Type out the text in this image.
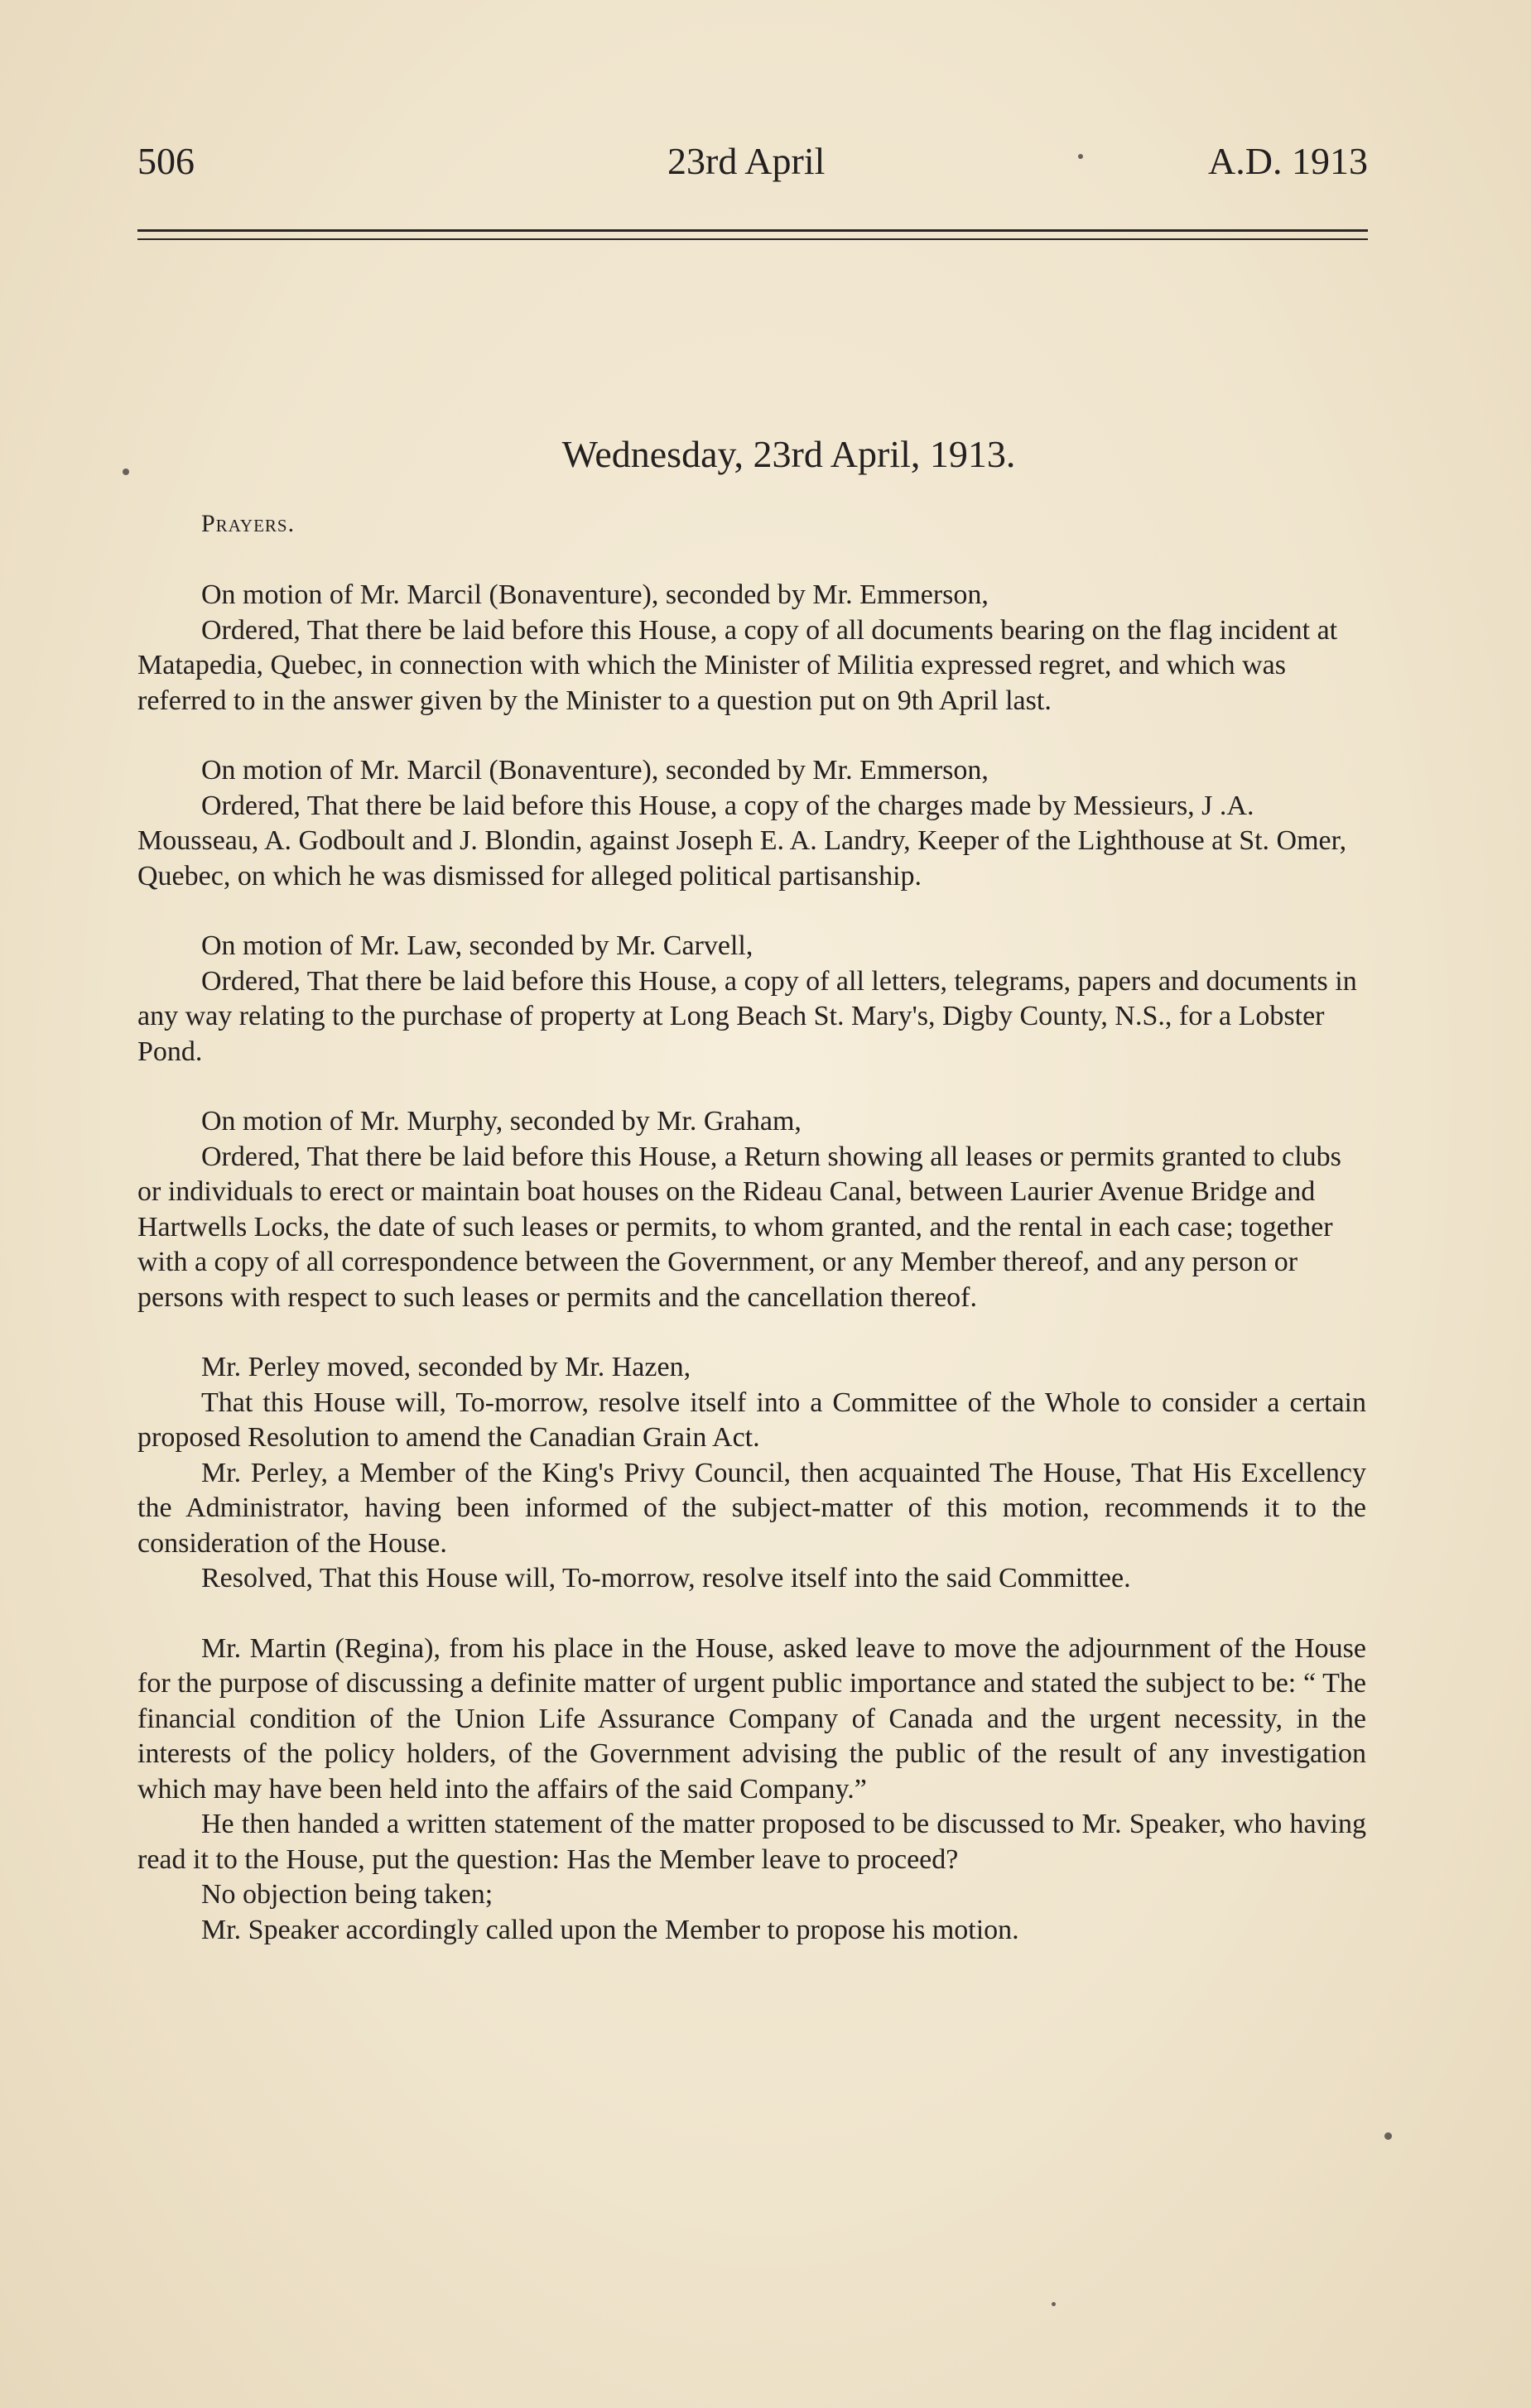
506	23rd April	A.D. 1913
Wednesday, 23rd April, 1913.
Prayers.

On motion of Mr. Marcil (Bonaventure), seconded by Mr. Emmerson,

Ordered, That there be laid before this House, a copy of all documents bearing on the flag incident at Matapedia, Quebec, in connection with which the Minister of Militia expressed regret, and which was referred to in the answer given by the Minister to a question put on 9th April last.

On motion of Mr. Marcil (Bonaventure), seconded by Mr. Emmerson,

Ordered, That there be laid before this House, a copy of the charges made by Messieurs, J .A. Mousseau, A. Godboult and J. Blondin, against Joseph E. A. Landry, Keeper of the Lighthouse at St. Omer, Quebec, on which he was dismissed for alleged political partisanship.

On motion of Mr. Law, seconded by Mr. Carvell,

Ordered, That there be laid before this House, a copy of all letters, telegrams, papers and documents in any way relating to the purchase of property at Long Beach St. Mary's, Digby County, N.S., for a Lobster Pond.

On motion of Mr. Murphy, seconded by Mr. Graham,

Ordered, That there be laid before this House, a Return showing all leases or permits granted to clubs or individuals to erect or maintain boat houses on the Rideau Canal, between Laurier Avenue Bridge and Hartwells Locks, the date of such leases or permits, to whom granted, and the rental in each case; together with a copy of all correspondence between the Government, or any Member thereof, and any person or persons with respect to such leases or permits and the cancellation thereof.

Mr. Perley moved, seconded by Mr. Hazen,

That this House will, To-morrow, resolve itself into a Committee of the Whole to consider a certain proposed Resolution to amend the Canadian Grain Act.

Mr. Perley, a Member of the King's Privy Council, then acquainted The House, That His Excellency the Administrator, having been informed of the subject-matter of this motion, recommends it to the consideration of the House.

Resolved, That this House will, To-morrow, resolve itself into the said Committee.

Mr. Martin (Regina), from his place in the House, asked leave to move the adjournment of the House for the purpose of discussing a definite matter of urgent public importance and stated the subject to be: “ The financial condition of the Union Life Assurance Company of Canada and the urgent necessity, in the interests of the policy holders, of the Government advising the public of the result of any investigation which may have been held into the affairs of the said Company.”

He then handed a written statement of the matter proposed to be discussed to Mr. Speaker, who having read it to the House, put the question: Has the Member leave to proceed?

No objection being taken;

Mr. Speaker accordingly called upon the Member to propose his motion.
